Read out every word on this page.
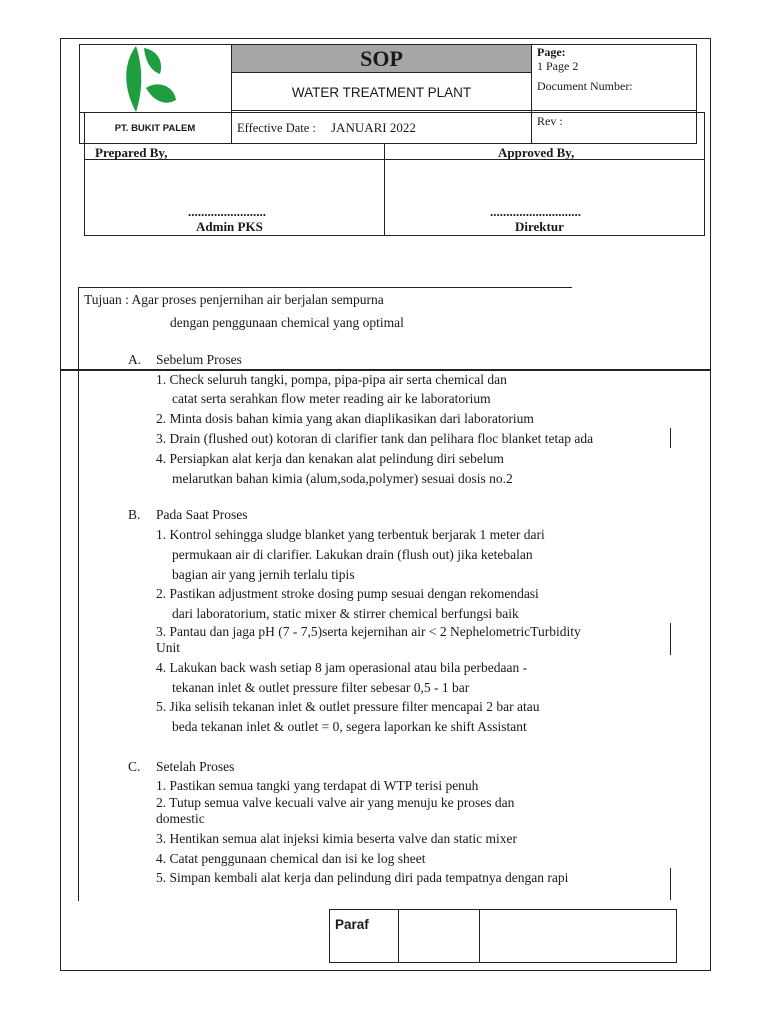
SOP
WATER TREATMENT PLANT
PT. BUKIT PALEM
Page:
1 Page 2
Document Number:
Rev :
Effective Date : JANUARI 2022
Prepared By,	Approved By,
........................	............................
Admin PKS	Direktur
Tujuan : Agar proses penjernihan air berjalan sempurna
dengan penggunaan chemical yang optimal
A. Sebelum Proses
1. Check seluruh tangki, pompa, pipa-pipa air serta chemical dan
catat serta serahkan flow meter reading air ke laboratorium
2. Minta dosis bahan kimia yang akan diaplikasikan dari laboratorium
3. Drain (flushed out) kotoran di clarifier tank dan pelihara floc blanket tetap ada
4. Persiapkan alat kerja dan kenakan alat pelindung diri sebelum
melarutkan bahan kimia (alum,soda,polymer) sesuai dosis no.2
B. Pada Saat Proses
1. Kontrol sehingga sludge blanket yang terbentuk berjarak 1 meter dari
permukaan air di clarifier. Lakukan drain (flush out) jika ketebalan
bagian air yang jernih terlalu tipis
2. Pastikan adjustment stroke dosing pump sesuai dengan rekomendasi
dari laboratorium, static mixer & stirrer chemical berfungsi baik
3. Pantau dan jaga pH (7 - 7,5)serta kejernihan air < 2 NephelometricTurbidity
Unit
4. Lakukan back wash setiap 8 jam operasional atau bila perbedaan -
tekanan inlet & outlet pressure filter sebesar 0,5 - 1 bar
5. Jika selisih tekanan inlet & outlet pressure filter mencapai 2 bar atau
beda tekanan inlet & outlet = 0, segera laporkan ke shift Assistant
C. Setelah Proses
1. Pastikan semua tangki yang terdapat di WTP terisi penuh
2. Tutup semua valve kecuali valve air yang menuju ke proses dan
domestic
3. Hentikan semua alat injeksi kimia beserta valve dan static mixer
4. Catat penggunaan chemical dan isi ke log sheet
5. Simpan kembali alat kerja dan pelindung diri pada tempatnya dengan rapi
Paraf
